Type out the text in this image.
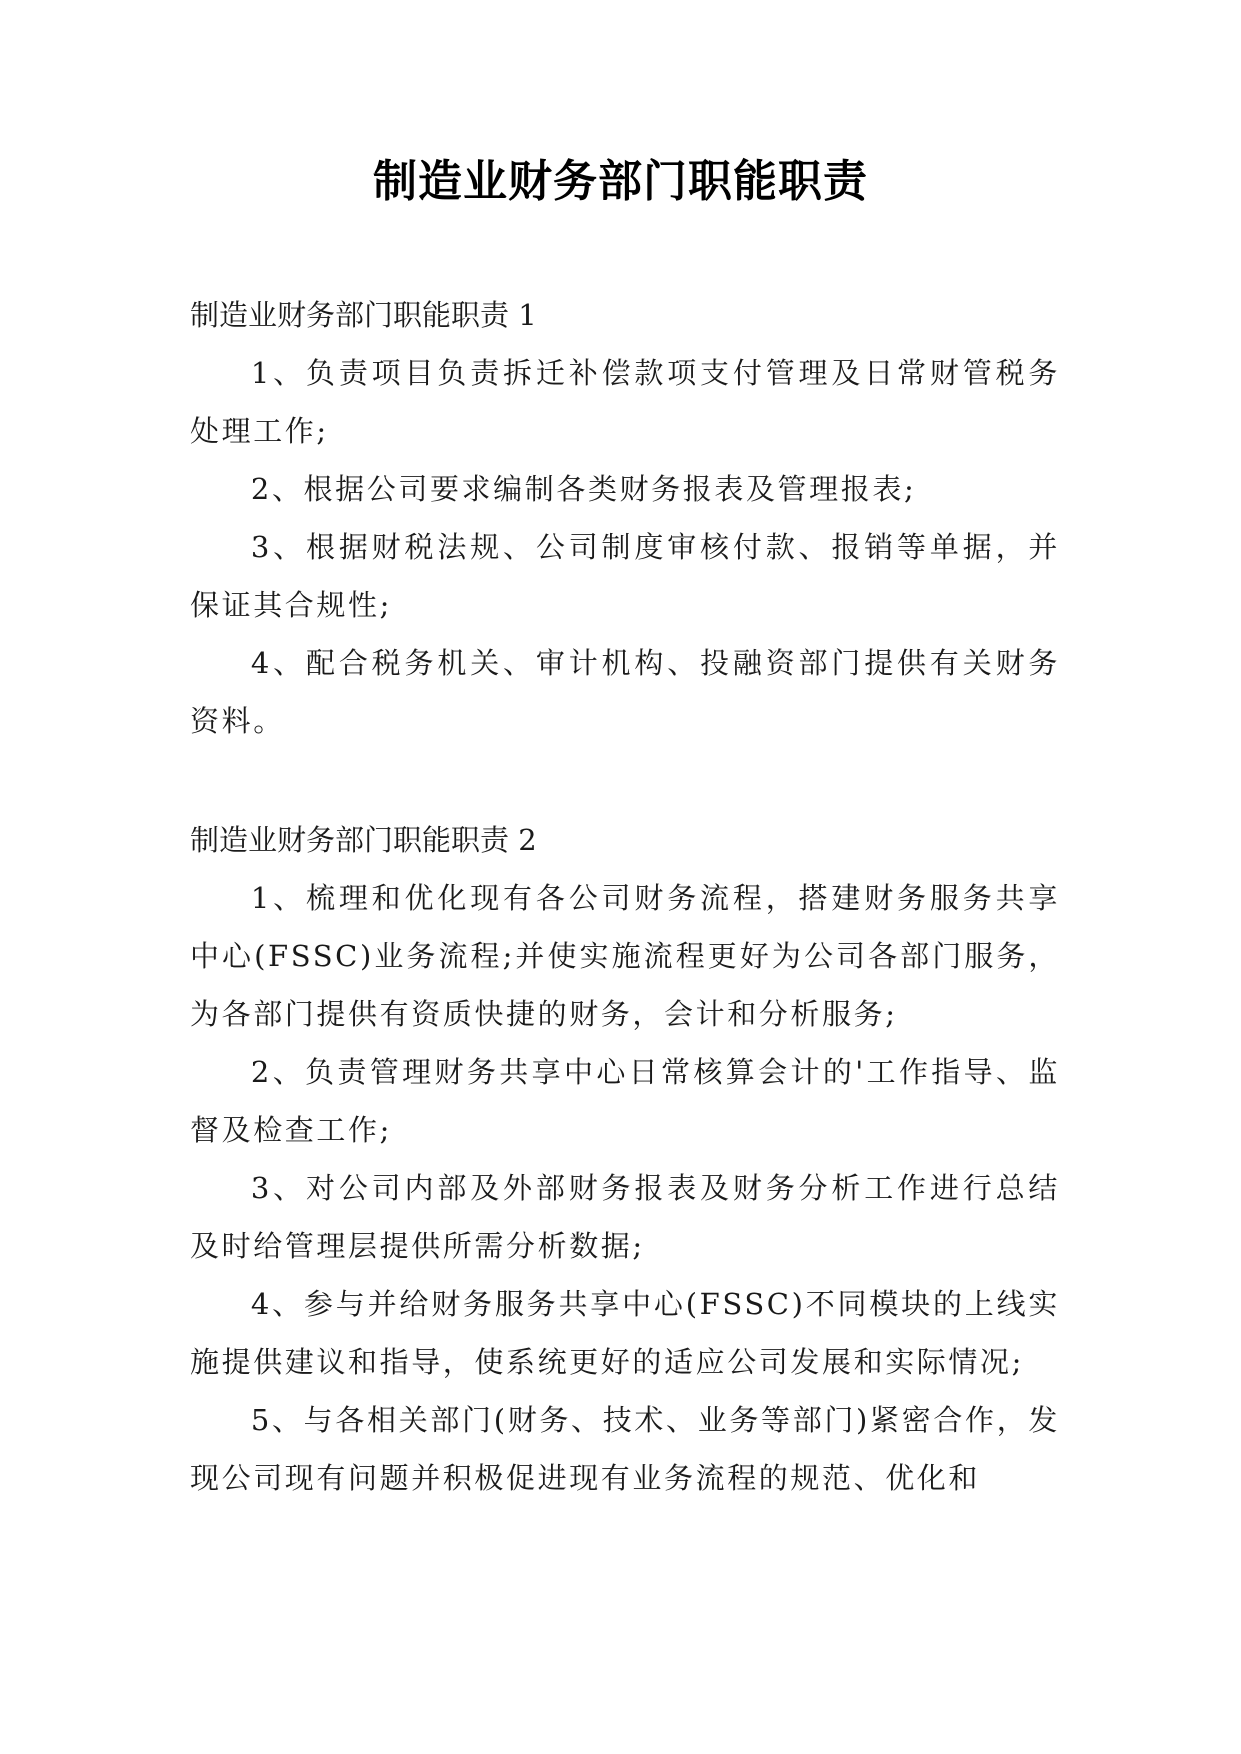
制造业财务部门职能职责
制造业财务部门职能职责 1

1、负责项目负责拆迁补偿款项支付管理及日常财管税务处理工作;

2、根据公司要求编制各类财务报表及管理报表;

3、根据财税法规、公司制度审核付款、报销等单据，并保证其合规性;

4、配合税务机关、审计机构、投融资部门提供有关财务资料。

制造业财务部门职能职责 2

1、梳理和优化现有各公司财务流程，搭建财务服务共享中心(FSSC)业务流程;并使实施流程更好为公司各部门服务，为各部门提供有资质快捷的财务，会计和分析服务;

2、负责管理财务共享中心日常核算会计的'工作指导、监督及检查工作;

3、对公司内部及外部财务报表及财务分析工作进行总结及时给管理层提供所需分析数据;

4、参与并给财务服务共享中心(FSSC)不同模块的上线实施提供建议和指导，使系统更好的适应公司发展和实际情况;

5、与各相关部门(财务、技术、业务等部门)紧密合作，发现公司现有问题并积极促进现有业务流程的规范、优化和
